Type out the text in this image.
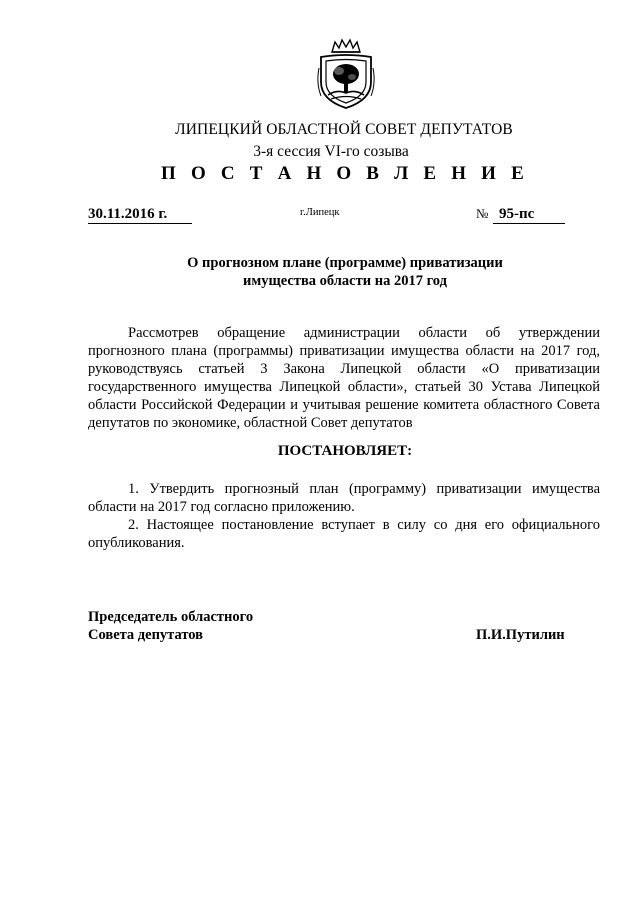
ЛИПЕЦКИЙ ОБЛАСТНОЙ СОВЕТ ДЕПУТАТОВ
3-я сессия VI-го созыва
П О С Т А Н О В Л Е Н И Е
30.11.2016 г.	г.Липецк	№ 95-пс
О прогнозном плане (программе) приватизации
имущества области на 2017 год

Рассмотрев обращение администрации области об утверждении прогнозного плана (программы) приватизации имущества области на 2017 год, руководствуясь статьей 3 Закона Липецкой области «О приватизации государственного имущества Липецкой области», статьей 30 Устава Липецкой области Российской Федерации и учитывая решение комитета областного Совета депутатов по экономике, областной Совет депутатов

ПОСТАНОВЛЯЕТ:

1. Утвердить прогнозный план (программу) приватизации имущества области на 2017 год согласно приложению.

2. Настоящее постановление вступает в силу со дня его официального опубликования.

Председатель областного
Совета депутатов	П.И.Путилин
